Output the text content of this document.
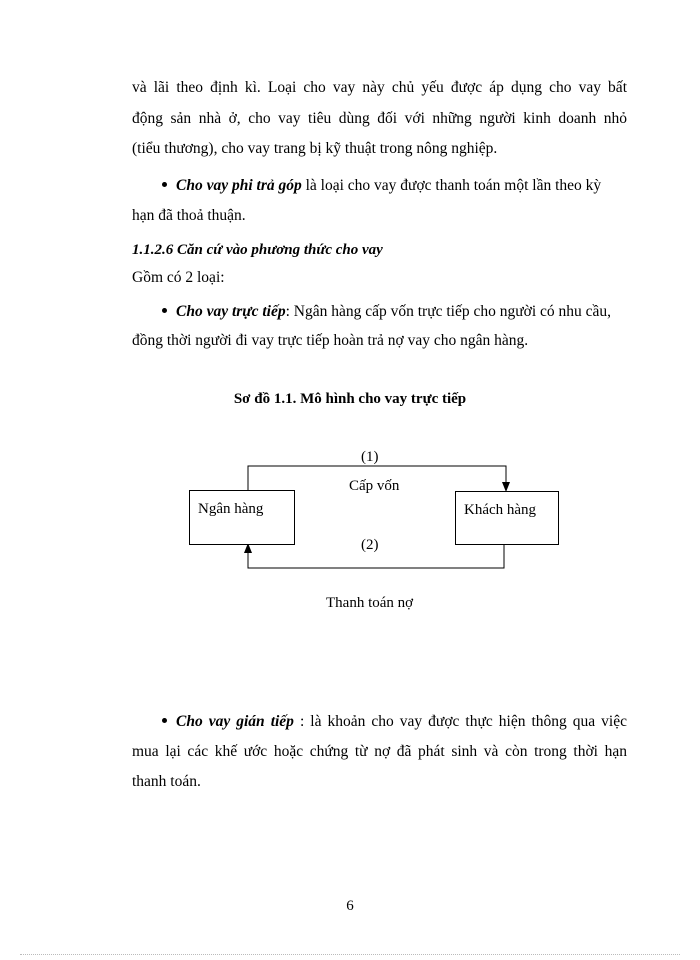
và lãi theo định kì. Loại cho vay này chủ yếu được áp dụng cho vay bất
động sản nhà ở, cho vay tiêu dùng đối với những người kinh doanh nhỏ
(tiểu thương), cho vay trang bị kỹ thuật trong nông nghiệp.
Cho vay phi trả góp là loại cho vay được thanh toán một lần theo kỳ
hạn đã thoả thuận.
1.1.2.6 Căn cứ vào phương thức cho vay
Gồm có 2 loại:
Cho vay trực tiếp: Ngân hàng cấp vốn trực tiếp cho người có nhu cầu,
đồng thời người đi vay trực tiếp hoàn trả nợ vay cho ngân hàng.
Sơ đồ 1.1. Mô hình cho vay trực tiếp
Ngân hàng	Khách hàng
(1)
Cấp vốn
(2)
Thanh toán nợ
Cho vay gián tiếp : là khoản cho vay được thực hiện thông qua việc
mua lại các khế ước hoặc chứng từ nợ đã phát sinh và còn trong thời hạn
thanh toán.
6
